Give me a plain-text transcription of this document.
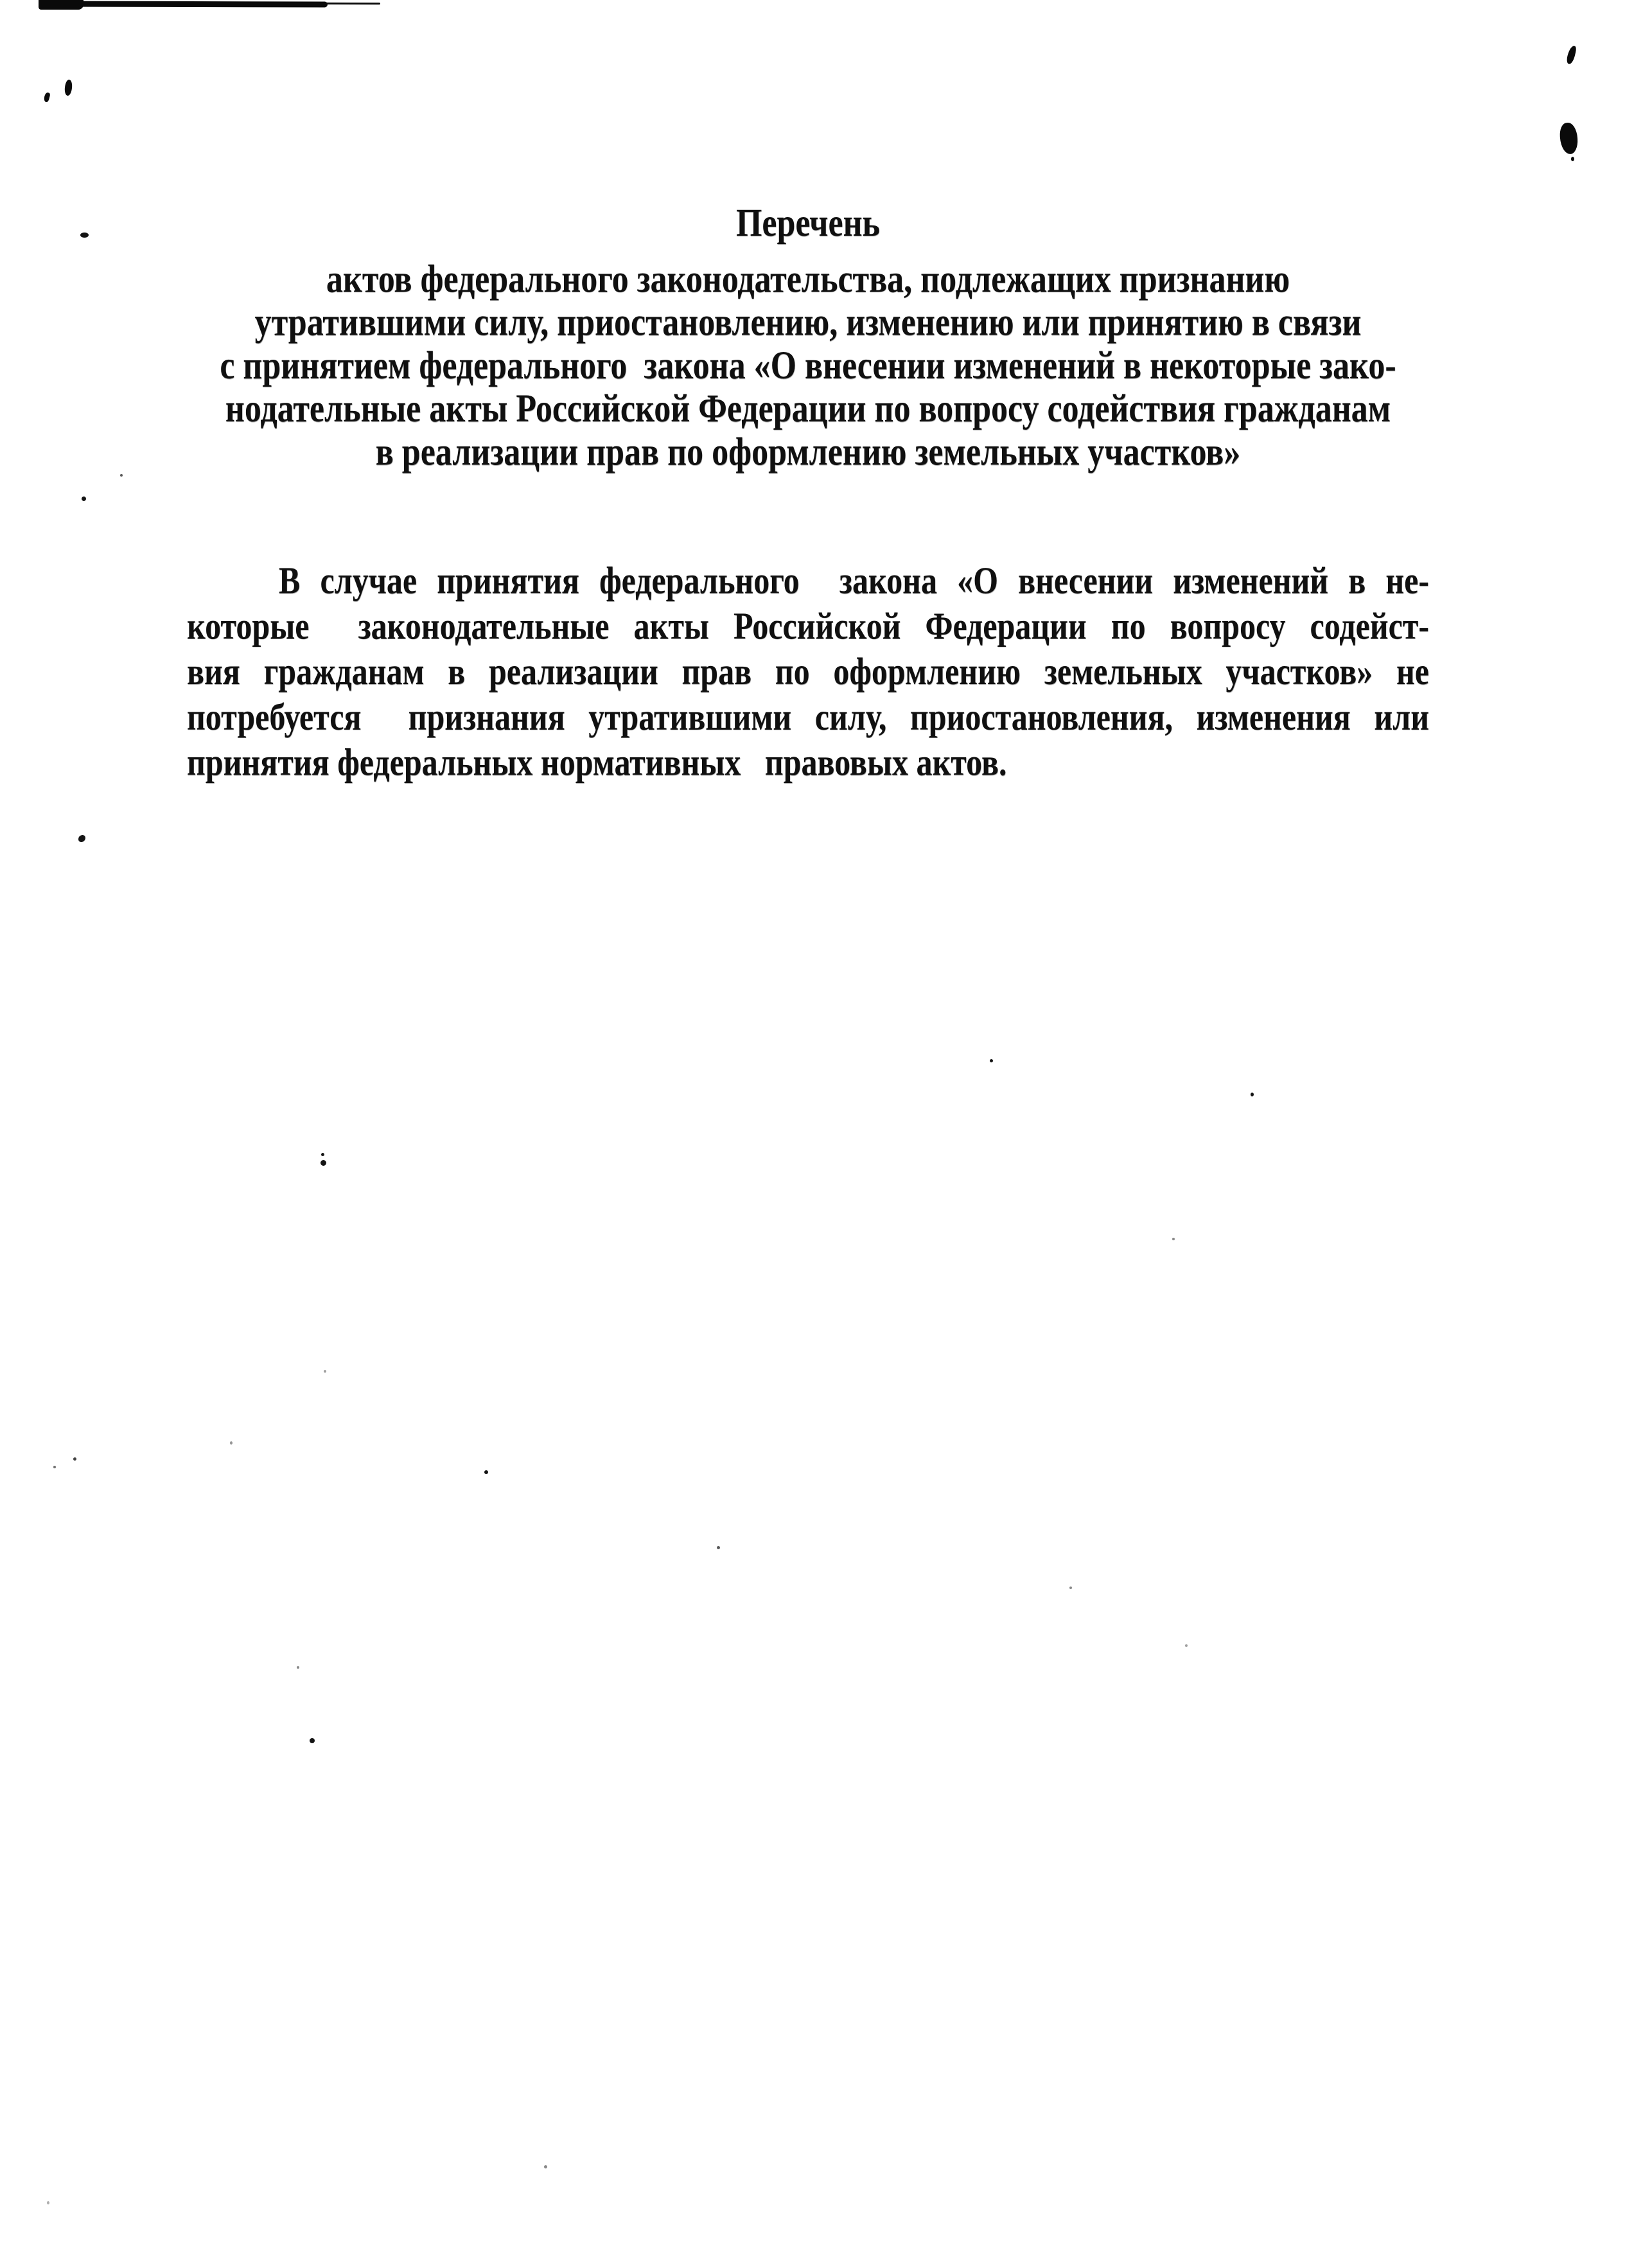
Перечень
актов федерального законодательства, подлежащих признанию
утратившими силу, приостановлению, изменению или принятию в связи
с принятием федерального  закона «О внесении изменений в некоторые зако-
нодательные акты Российской Федерации по вопросу содействия гражданам
в реализации прав по оформлению земельных участков»
В случае принятия федерального  закона «О внесении изменений в не-
которые  законодательные акты Российской Федерации по вопросу содейст-
вия гражданам в реализации прав по оформлению земельных участков» не
потребуется  признания утратившими силу, приостановления, изменения или
принятия федеральных нормативных   правовых актов.
